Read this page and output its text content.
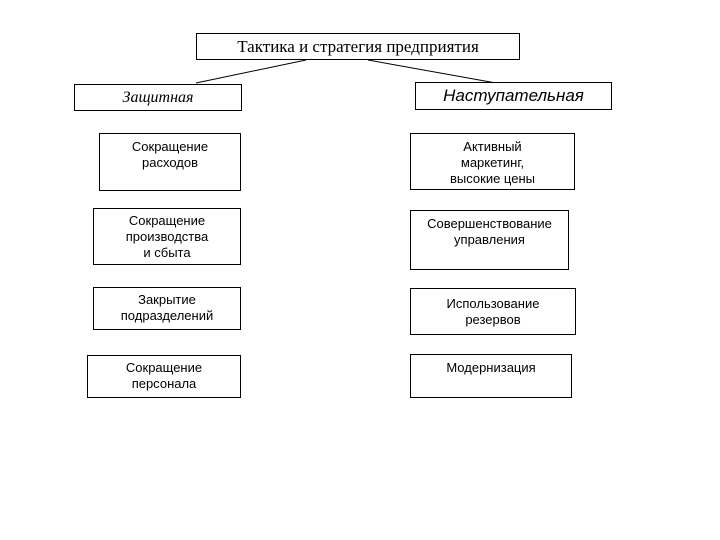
Тактика и стратегия предприятия
Защитная	Наступательная
Сокращение
расходов
Сокращение
производства
и сбыта
Закрытие
подразделений
Сокращение
персонала
Активный
маркетинг,
высокие цены
Совершенствование
управления
Использование
резервов
Модернизация
